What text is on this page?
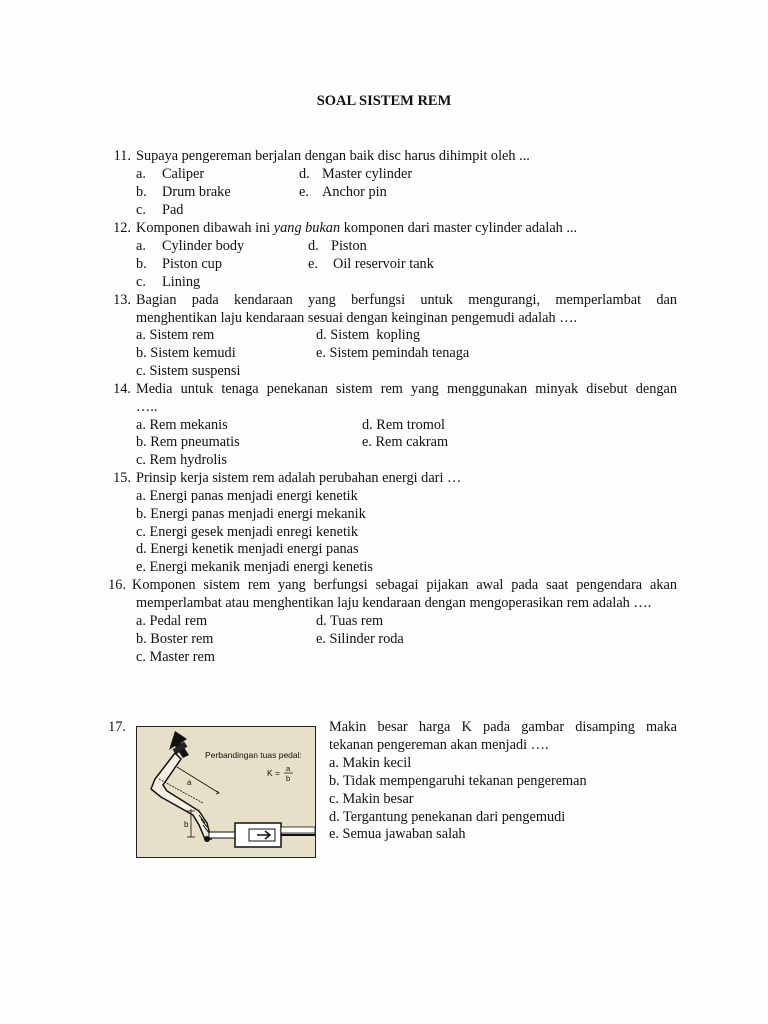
SOAL SISTEM REM
11. Supaya pengereman berjalan dengan baik disc harus dihimpit oleh ...
a. Caliper
b. Drum brake
c. Pad
d. Master cylinder
e. Anchor pin
12. Komponen dibawah ini yang bukan komponen dari master cylinder adalah ...
a. Cylinder body
b. Piston cup
c. Lining
d. Piston
e. Oil reservoir tank
13. Bagian pada kendaraan yang berfungsi untuk mengurangi, memperlambat dan
menghentikan laju kendaraan sesuai dengan keinginan pengemudi adalah ….
a. Sistem rem
b. Sistem kemudi
c. Sistem suspensi
d. Sistem  kopling
e. Sistem pemindah tenaga
14. Media untuk tenaga penekanan sistem rem yang menggunakan minyak disebut dengan
…..
a. Rem mekanis
b. Rem pneumatis
c. Rem hydrolis
d. Rem tromol
e. Rem cakram
15. Prinsip kerja sistem rem adalah perubahan energi dari …
a. Energi panas menjadi energi kenetik
b. Energi panas menjadi energi mekanik
c. Energi gesek menjadi enregi kenetik
d. Energi kenetik menjadi energi panas
e. Energi mekanik menjadi energi kenetis
16. Komponen sistem rem yang berfungsi sebagai pijakan awal pada saat pengendara akan
memperlambat atau menghentikan laju kendaraan dengan mengoperasikan rem adalah ….
a. Pedal rem
b. Boster rem
c. Master rem
d. Tuas rem
e. Silinder roda
17.
a
b
Perbandingan tuas pedal:
K = a
b
Makin besar harga K pada gambar disamping maka
tekanan pengereman akan menjadi ….
a. Makin kecil
b. Tidak mempengaruhi tekanan pengereman
c. Makin besar
d. Tergantung penekanan dari pengemudi
e. Semua jawaban salah
